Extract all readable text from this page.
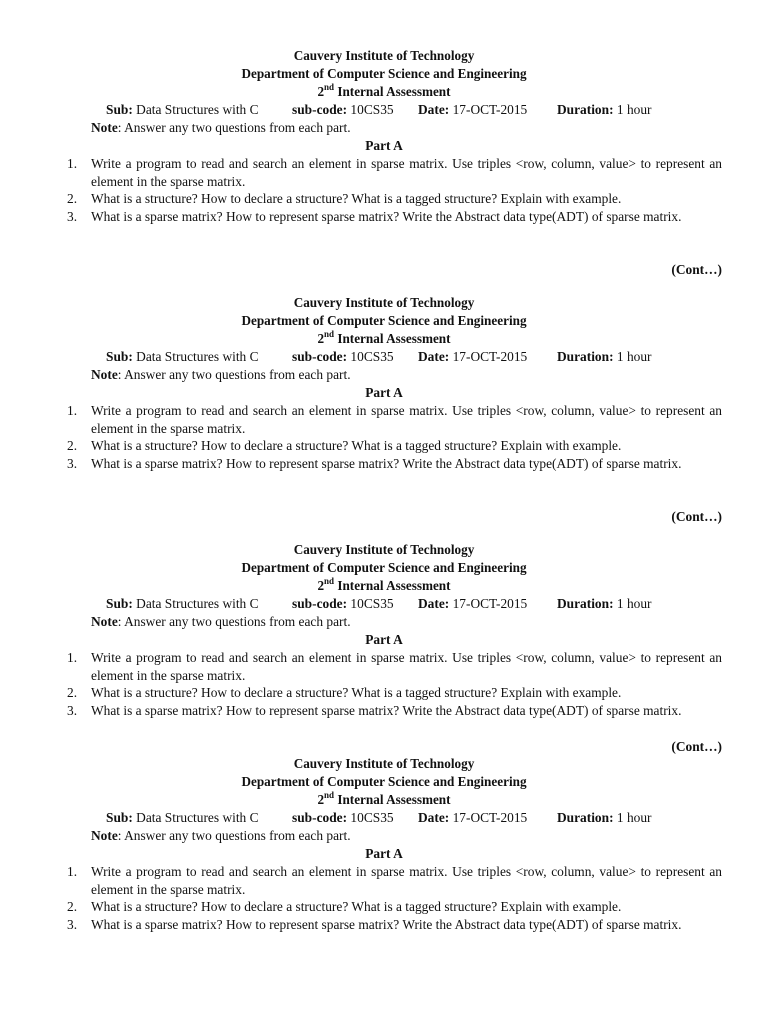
Cauvery Institute of Technology
Department of Computer Science and Engineering
2nd Internal Assessment
Sub: Data Structures with C sub-code: 10CS35 Date: 17-OCT-2015 Duration: 1 hour
Note: Answer any two questions from each part.
Part A
1. Write a program to read and search an element in sparse matrix. Use triples <row, column, value> to represent an element in the sparse matrix.
2. What is a structure? How to declare a structure? What is a tagged structure? Explain with example.
3. What is a sparse matrix? How to represent sparse matrix? Write the Abstract data type(ADT) of sparse matrix.
(Cont…)
Cauvery Institute of Technology
Department of Computer Science and Engineering
2nd Internal Assessment
Sub: Data Structures with C sub-code: 10CS35 Date: 17-OCT-2015 Duration: 1 hour
Note: Answer any two questions from each part.
Part A
1. Write a program to read and search an element in sparse matrix. Use triples <row, column, value> to represent an element in the sparse matrix.
2. What is a structure? How to declare a structure? What is a tagged structure? Explain with example.
3. What is a sparse matrix? How to represent sparse matrix? Write the Abstract data type(ADT) of sparse matrix.
(Cont…)
Cauvery Institute of Technology
Department of Computer Science and Engineering
2nd Internal Assessment
Sub: Data Structures with C sub-code: 10CS35 Date: 17-OCT-2015 Duration: 1 hour
Note: Answer any two questions from each part.
Part A
1. Write a program to read and search an element in sparse matrix. Use triples <row, column, value> to represent an element in the sparse matrix.
2. What is a structure? How to declare a structure? What is a tagged structure? Explain with example.
3. What is a sparse matrix? How to represent sparse matrix? Write the Abstract data type(ADT) of sparse matrix.
(Cont…)
Cauvery Institute of Technology
Department of Computer Science and Engineering
2nd Internal Assessment
Sub: Data Structures with C sub-code: 10CS35 Date: 17-OCT-2015 Duration: 1 hour
Note: Answer any two questions from each part.
Part A
1. Write a program to read and search an element in sparse matrix. Use triples <row, column, value> to represent an element in the sparse matrix.
2. What is a structure? How to declare a structure? What is a tagged structure? Explain with example.
3. What is a sparse matrix? How to represent sparse matrix? Write the Abstract data type(ADT) of sparse matrix.
